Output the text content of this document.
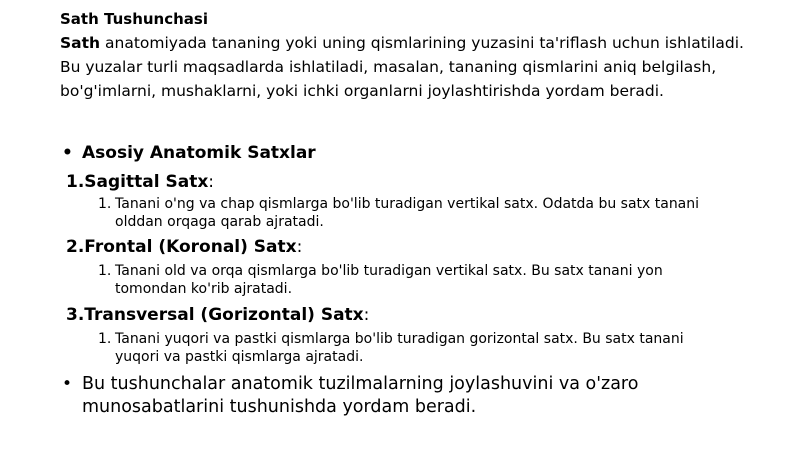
Sath Tushunchasi
Sath anatomiyada tananing yoki uning qismlarining yuzasini ta'riflash uchun ishlatiladi.
Bu yuzalar turli maqsadlarda ishlatiladi, masalan, tananing qismlarini aniq belgilash,
bo'g'imlarni, mushaklarni, yoki ichki organlarni joylashtirishda yordam beradi.
• Asosiy Anatomik Satxlar
1.Sagittal Satx:
1. Tanani o'ng va chap qismlarga bo'lib turadigan vertikal satx. Odatda bu satx tanani
olddan orqaga qarab ajratadi.
2.Frontal (Koronal) Satx:
1. Tanani old va orqa qismlarga bo'lib turadigan vertikal satx. Bu satx tanani yon
tomondan ko'rib ajratadi.
3.Transversal (Gorizontal) Satx:
1. Tanani yuqori va pastki qismlarga bo'lib turadigan gorizontal satx. Bu satx tanani
yuqori va pastki qismlarga ajratadi.
• Bu tushunchalar anatomik tuzilmalarning joylashuvini va o'zaro
munosabatlarini tushunishda yordam beradi.
